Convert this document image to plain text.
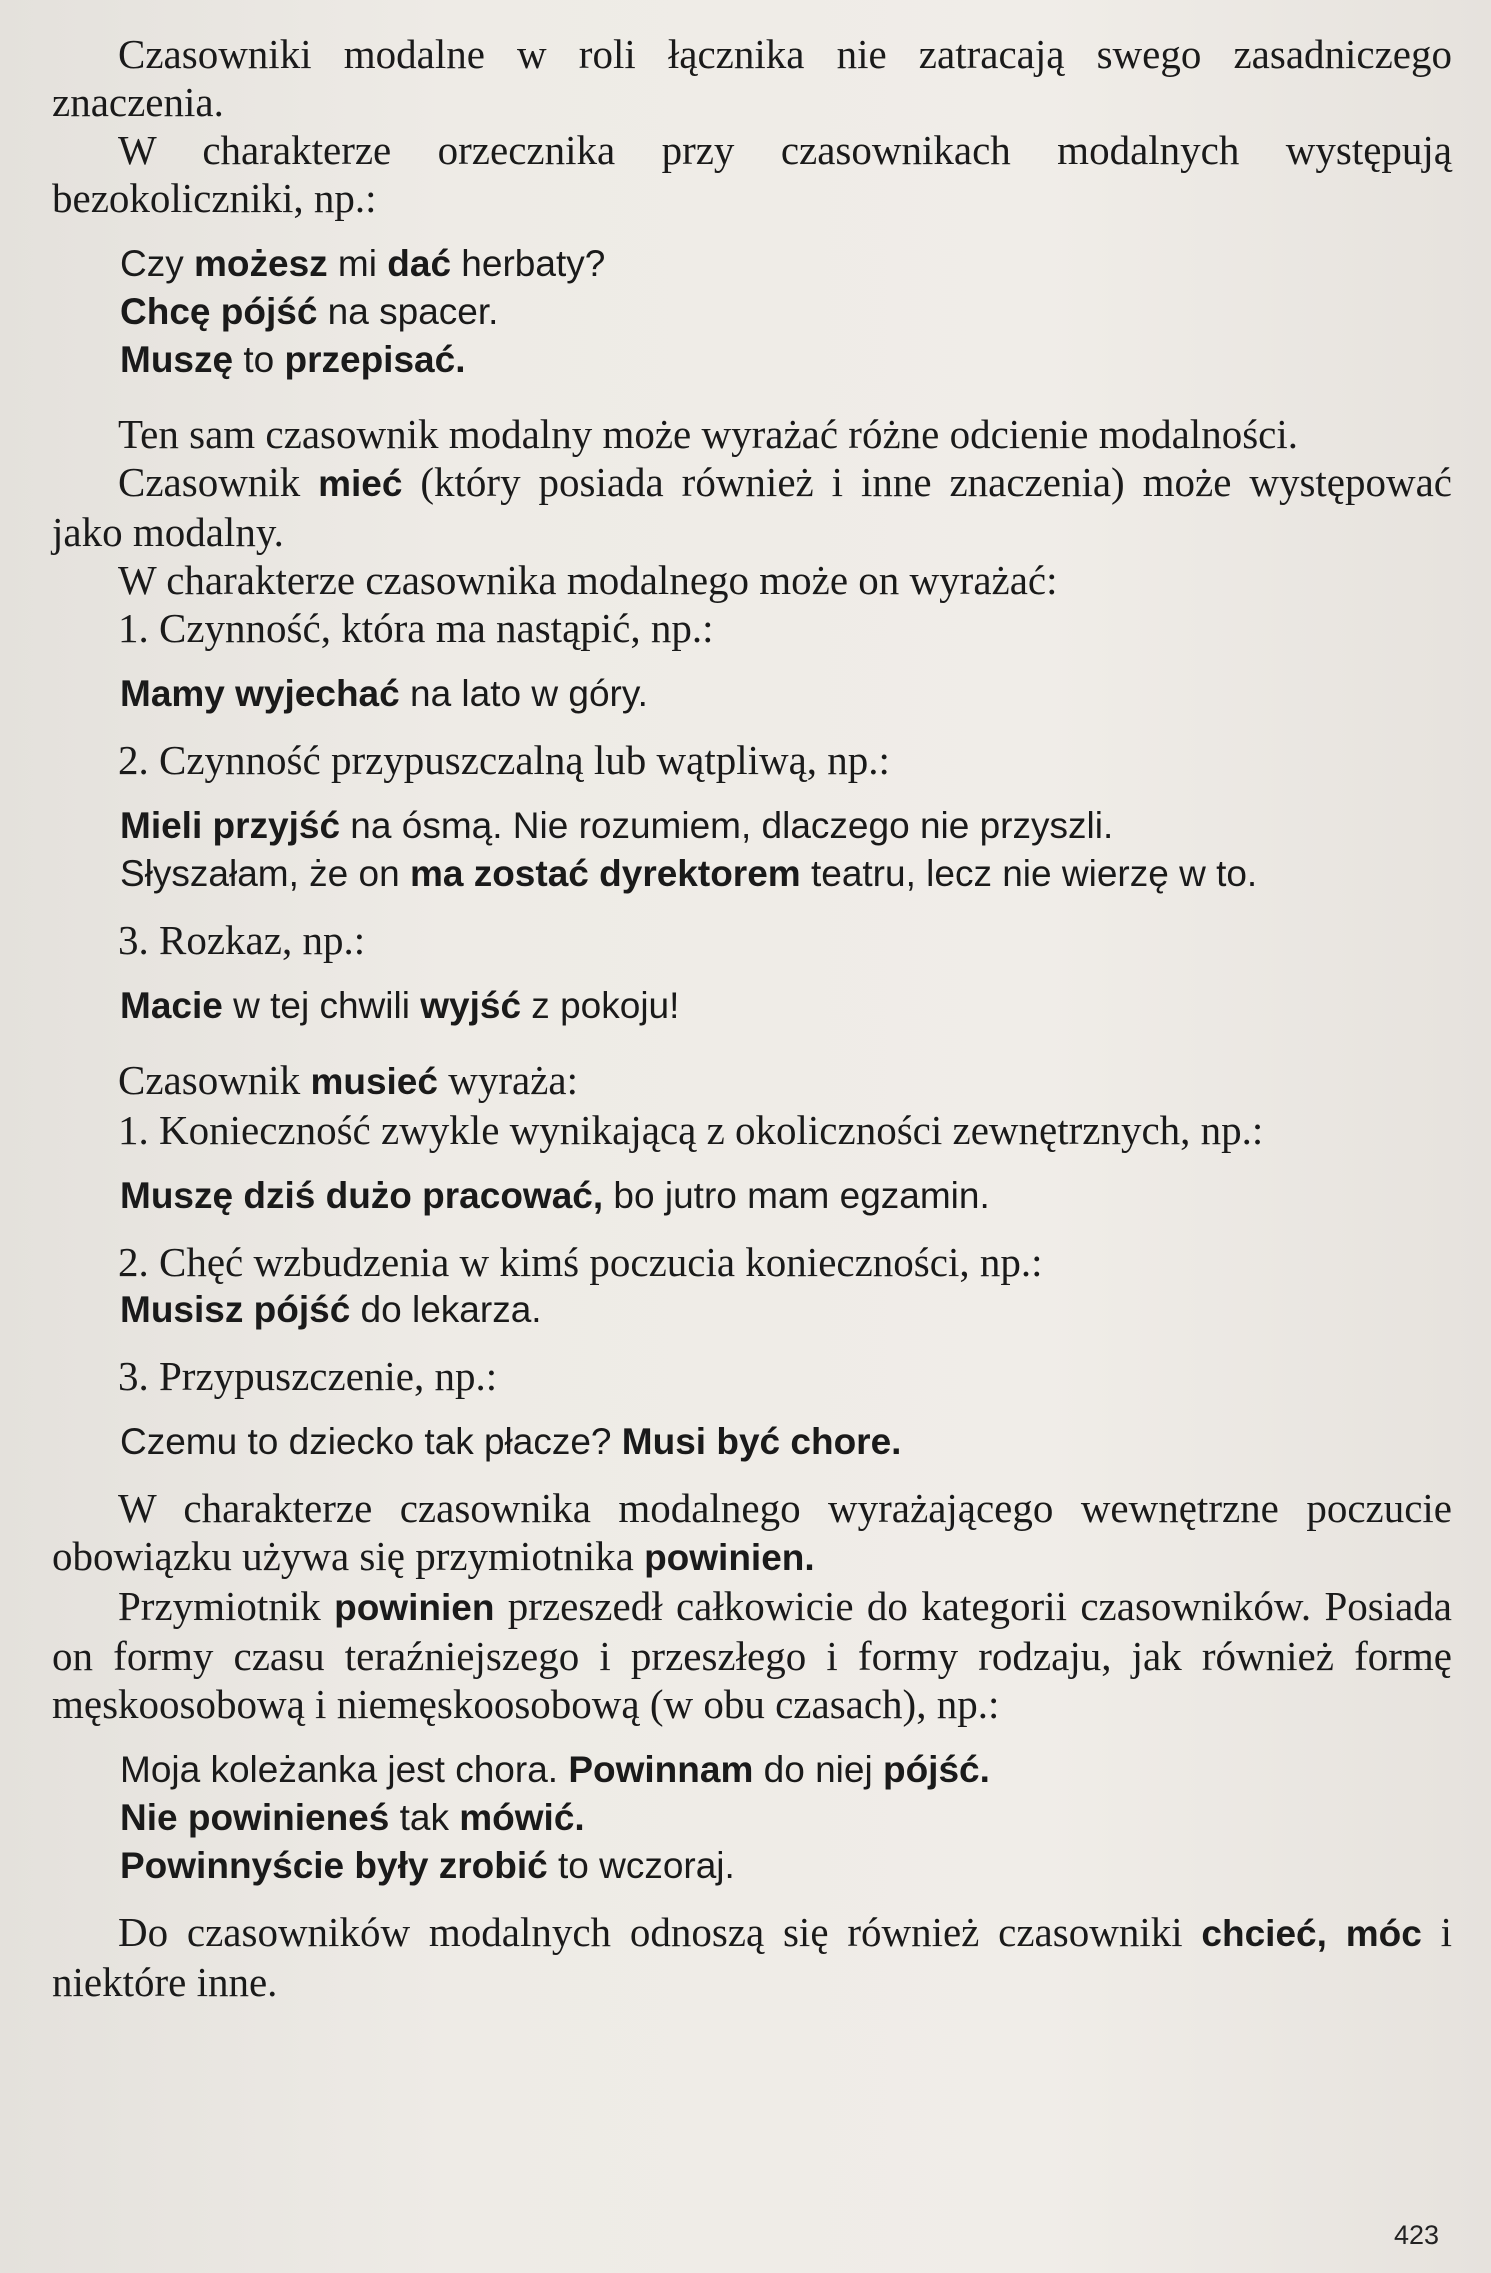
Czasowniki modalne w roli łącznika nie zatracają swego zasadniczego znaczenia.

W charakterze orzecznika przy czasownikach modalnych występują bezokoliczniki, np.:

Czy możesz mi dać herbaty?

Chcę pójść na spacer.

Muszę to przepisać.

Ten sam czasownik modalny może wyrażać różne odcienie modalności.

Czasownik mieć (który posiada również i inne znaczenia) może występować jako modalny.

W charakterze czasownika modalnego może on wyrażać:

1. Czynność, która ma nastąpić, np.:

Mamy wyjechać na lato w góry.

2. Czynność przypuszczalną lub wątpliwą, np.:

Mieli przyjść na ósmą. Nie rozumiem, dlaczego nie przyszli.

Słyszałam, że on ma zostać dyrektorem teatru, lecz nie wierzę w to.

3. Rozkaz, np.:

Macie w tej chwili wyjść z pokoju!

Czasownik musieć wyraża:

1. Konieczność zwykle wynikającą z okoliczności zewnętrznych, np.:

Muszę dziś dużo pracować, bo jutro mam egzamin.

2. Chęć wzbudzenia w kimś poczucia konieczności, np.:

Musisz pójść do lekarza.

3. Przypuszczenie, np.:

Czemu to dziecko tak płacze? Musi być chore.

W charakterze czasownika modalnego wyrażającego wewnętrzne poczucie obowiązku używa się przymiotnika powinien.

Przymiotnik powinien przeszedł całkowicie do kategorii czasowników. Posiada on formy czasu teraźniejszego i przeszłego i formy rodzaju, jak również formę męskoosobową i niemęskoosobową (w obu czasach), np.:

Moja koleżanka jest chora. Powinnam do niej pójść.

Nie powinieneś tak mówić.

Powinnyście były zrobić to wczoraj.

Do czasowników modalnych odnoszą się również czasowniki chcieć, móc i niektóre inne.

423
